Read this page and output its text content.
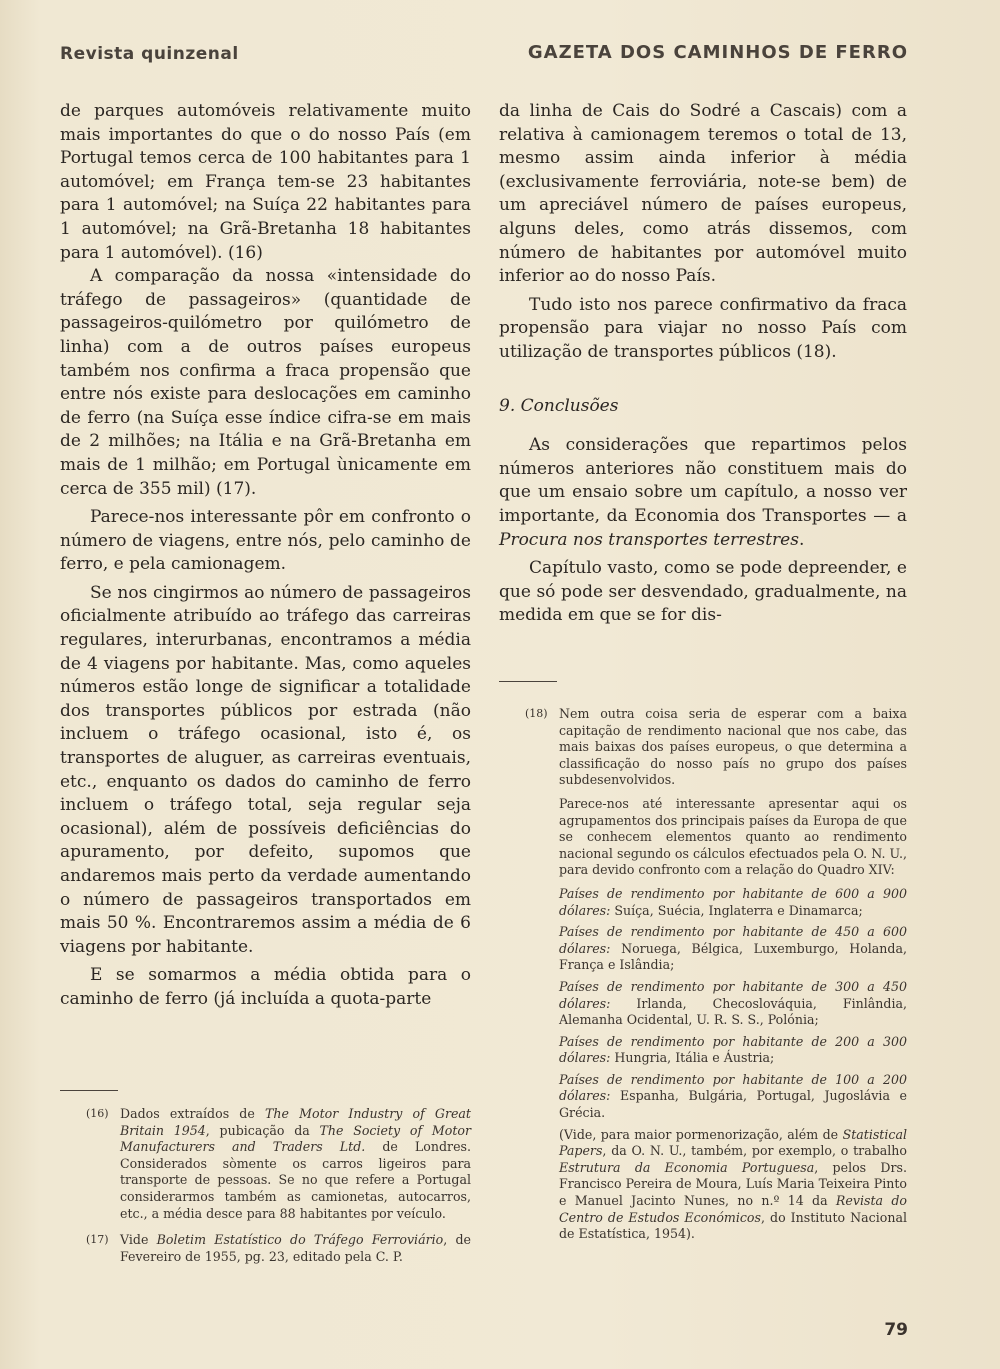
Revista quinzenal	GAZETA DOS CAMINHOS DE FERRO

de parques automóveis relativamente muito mais importantes do que o do nosso País (em Portugal temos cerca de 100 habitantes para 1 automóvel; em França tem-se 23 habitantes para 1 automóvel; na Suíça 22 habitantes para 1 automóvel; na Grã-Bretanha 18 habitantes para 1 automóvel). (16)

A comparação da nossa «intensidade do tráfego de passageiros» (quantidade de passageiros-quilómetro por quilómetro de linha) com a de outros países europeus também nos confirma a fraca propensão que entre nós existe para deslocações em caminho de ferro (na Suíça esse índice cifra-se em mais de 2 milhões; na Itália e na Grã-Bretanha em mais de 1 milhão; em Portugal ùnicamente em cerca de 355 mil) (17).

Parece-nos interessante pôr em confronto o número de viagens, entre nós, pelo caminho de ferro, e pela camionagem.

Se nos cingirmos ao número de passageiros oficialmente atribuído ao tráfego das carreiras regulares, interurbanas, encontramos a média de 4 viagens por habitante. Mas, como aqueles números estão longe de significar a totalidade dos transportes públicos por estrada (não incluem o tráfego ocasional, isto é, os transportes de aluguer, as carreiras eventuais, etc., enquanto os dados do caminho de ferro incluem o tráfego total, seja regular seja ocasional), além de possíveis deficiências do apuramento, por defeito, supomos que andaremos mais perto da verdade aumentando o número de passageiros transportados em mais 50 %. Encontraremos assim a média de 6 viagens por habitante.

E se somarmos a média obtida para o caminho de ferro (já incluída a quota-parte

da linha de Cais do Sodré a Cascais) com a relativa à camionagem teremos o total de 13, mesmo assim ainda inferior à média (exclusivamente ferroviária, note-se bem) de um apreciável número de países europeus, alguns deles, como atrás dissemos, com número de habitantes por automóvel muito inferior ao do nosso País.

Tudo isto nos parece confirmativo da fraca propensão para viajar no nosso País com utilização de transportes públicos (18).

9. Conclusões

As considerações que repartimos pelos números anteriores não constituem mais do que um ensaio sobre um capítulo, a nosso ver importante, da Economia dos Transportes — a Procura nos transportes terrestres.

Capítulo vasto, como se pode depreender, e que só pode ser desvendado, gradualmente, na medida em que se for dis-

(16) Dados extraídos de The Motor Industry of Great Britain 1954, pubicação da The Society of Motor Manufacturers and Traders Ltd. de Londres. Considerados sòmente os carros ligeiros para transporte de pessoas. Se no que refere a Portugal considerarmos também as camionetas, autocarros, etc., a média desce para 88 habitantes por veículo.
(17) Vide Boletim Estatístico do Tráfego Ferroviário, de Fevereiro de 1955, pg. 23, editado pela C. P.
(18) Nem outra coisa seria de esperar com a baixa capitação de rendimento nacional que nos cabe, das mais baixas dos países europeus, o que determina a classificação do nosso país no grupo dos países subdesenvolvidos.
Parece-nos até interessante apresentar aqui os agrupamentos dos principais países da Europa de que se conhecem elementos quanto ao rendimento nacional segundo os cálculos efectuados pela O. N. U., para devido confronto com a relação do Quadro XIV:
Países de rendimento por habitante de 600 a 900 dólares: Suíça, Suécia, Inglaterra e Dinamarca;
Países de rendimento por habitante de 450 a 600 dólares: Noruega, Bélgica, Luxemburgo, Holanda, França e Islândia;
Países de rendimento por habitante de 300 a 450 dólares: Irlanda, Checoslováquia, Finlândia, Alemanha Ocidental, U. R. S. S., Polónia;
Países de rendimento por habitante de 200 a 300 dólares: Hungria, Itália e Áustria;
Países de rendimento por habitante de 100 a 200 dólares: Espanha, Bulgária, Portugal, Jugoslávia e Grécia.
(Vide, para maior pormenorização, além de Statistical Papers, da O. N. U., também, por exemplo, o trabalho Estrutura da Economia Portuguesa, pelos Drs. Francisco Pereira de Moura, Luís Maria Teixeira Pinto e Manuel Jacinto Nunes, no n.º 14 da Revista do Centro de Estudos Económicos, do Instituto Nacional de Estatística, 1954).
79
